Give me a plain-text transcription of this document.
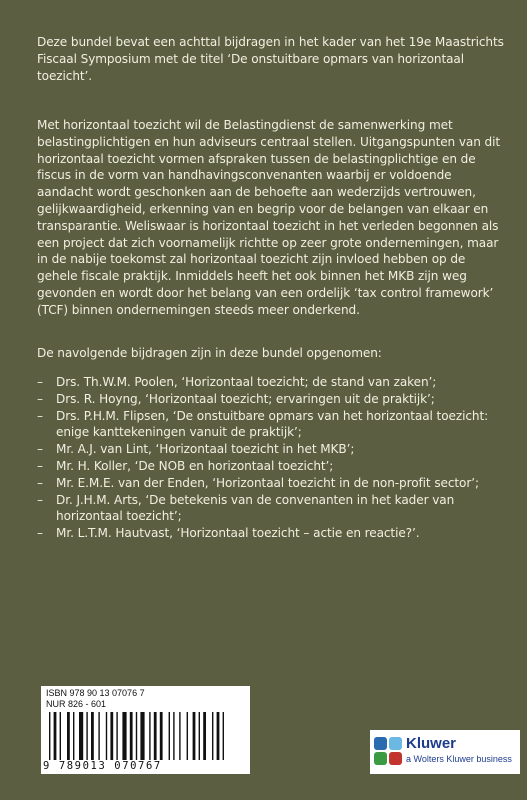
Deze bundel bevat een achttal bijdragen in het kader van het 19e Maastrichts Fiscaal Symposium met de titel ‘De onstuitbare opmars van horizontaal toezicht’.

Met horizontaal toezicht wil de Belastingdienst de samenwerking met belastingplichtigen en hun adviseurs centraal stellen. Uitgangspunten van dit horizontaal toezicht vormen afspraken tussen de belastingplichtige en de fiscus in de vorm van handhavingsconvenanten waarbij er voldoende aandacht wordt geschonken aan de behoefte aan wederzijds vertrouwen, gelijkwaardigheid, erkenning van en begrip voor de belangen van elkaar en transparantie. Weliswaar is horizontaal toezicht in het verleden begonnen als een project dat zich voornamelijk richtte op zeer grote ondernemingen, maar in de nabije toekomst zal horizontaal toezicht zijn invloed hebben op de gehele fiscale praktijk. Inmiddels heeft het ook binnen het MKB zijn weg gevonden en wordt door het belang van een ordelijk ‘tax control framework’ (TCF) binnen ondernemingen steeds meer onderkend.

De navolgende bijdragen zijn in deze bundel opgenomen:

– Drs. Th.W.M. Poolen, ‘Horizontaal toezicht; de stand van zaken’;
– Drs. R. Hoyng, ‘Horizontaal toezicht; ervaringen uit de praktijk’;
– Drs. P.H.M. Flipsen, ‘De onstuitbare opmars van het horizontaal toezicht: enige kanttekeningen vanuit de praktijk’;
– Mr. A.J. van Lint, ‘Horizontaal toezicht in het MKB’;
– Mr. H. Koller, ‘De NOB en horizontaal toezicht’;
– Mr. E.M.E. van der Enden, ‘Horizontaal toezicht in de non-profit sector’;
– Dr. J.H.M. Arts, ‘De betekenis van de convenanten in het kader van horizontaal toezicht’;
– Mr. L.T.M. Hautvast, ‘Horizontaal toezicht – actie en reactie?’.
ISBN 978 90 13 07076 7
NUR 826 - 601
9 789013 070767
Kluwer
a Wolters Kluwer business
